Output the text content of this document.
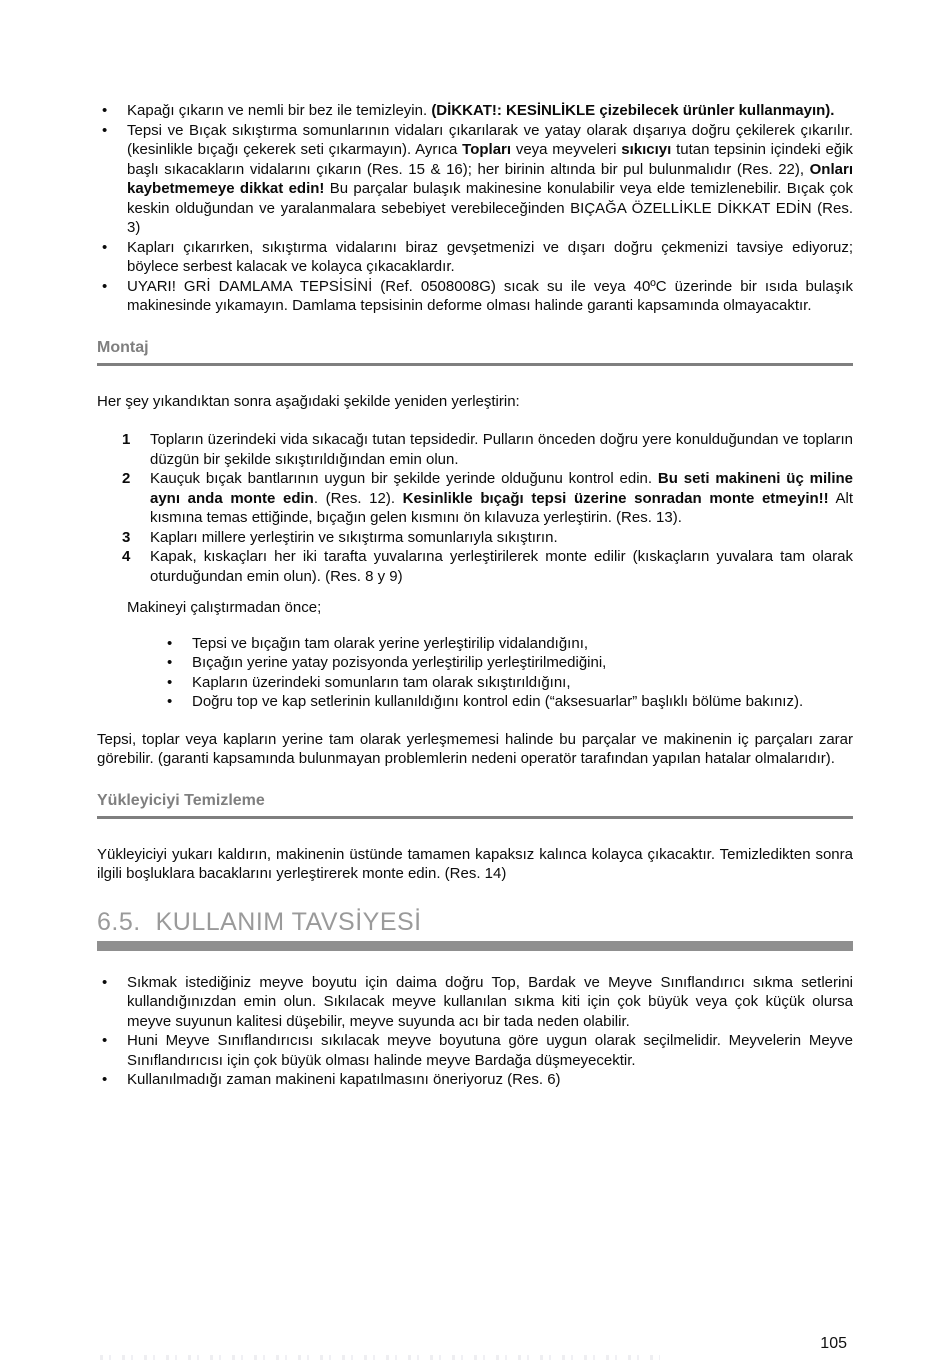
• Kapağı çıkarın ve nemli bir bez ile temizleyin. (DİKKAT!: KESİNLİKLE çizebilecek ürünler kullanmayın).
• Tepsi ve Bıçak sıkıştırma somunlarının vidaları çıkarılarak ve yatay olarak dışarıya doğru çekilerek çıkarılır. (kesinlikle bıçağı çekerek seti çıkarmayın). Ayrıca Topları veya meyveleri sıkıcıyı tutan tepsinin içindeki eğik başlı sıkacakların vidalarını çıkarın (Res. 15 & 16); her birinin altında bir pul bulunmalıdır (Res. 22), Onları kaybetmemeye dikkat edin! Bu parçalar bulaşık makinesine konulabilir veya elde temizlenebilir. Bıçak çok keskin olduğundan ve yaralanmalara sebebiyet verebileceğinden BIÇAĞA ÖZELLİKLE DİKKAT EDİN (Res. 3)
• Kapları çıkarırken, sıkıştırma vidalarını biraz gevşetmenizi ve dışarı doğru çekmenizi tavsiye ediyoruz; böylece serbest kalacak ve kolayca çıkacaklardır.
• UYARI! GRİ DAMLAMA TEPSİSİNİ (Ref. 0508008G) sıcak su ile veya 40ºC üzerinde bir ısıda bulaşık makinesinde yıkamayın. Damlama tepsisinin deforme olması halinde garanti kapsamında olmayacaktır.
Montaj

Her şey yıkandıktan sonra aşağıdaki şekilde yeniden yerleştirin:

1 Topların üzerindeki vida sıkacağı tutan tepsidedir. Pulların önceden doğru yere konulduğundan ve topların düzgün bir şekilde sıkıştırıldığından emin olun.
2 Kauçuk bıçak bantlarının uygun bir şekilde yerinde olduğunu kontrol edin. Bu seti makineni üç miline aynı anda monte edin. (Res. 12). Kesinlikle bıçağı tepsi üzerine sonradan monte etmeyin!! Alt kısmına temas ettiğinde, bıçağın gelen kısmını ön kılavuza yerleştirin. (Res. 13).
3 Kapları millere yerleştirin ve sıkıştırma somunlarıyla sıkıştırın.
4 Kapak, kıskaçları her iki tarafta yuvalarına yerleştirilerek monte edilir (kıskaçların yuvalara tam olarak oturduğundan emin olun). (Res. 8 y 9)

Makineyi çalıştırmadan önce;

• Tepsi ve bıçağın tam olarak yerine yerleştirilip vidalandığını,
• Bıçağın yerine yatay pozisyonda yerleştirilip yerleştirilmediğini,
• Kapların üzerindeki somunların tam olarak sıkıştırıldığını,
• Doğru top ve kap setlerinin kullanıldığını kontrol edin (“aksesuarlar” başlıklı bölüme bakınız).

Tepsi, toplar veya kapların yerine tam olarak yerleşmemesi halinde bu parçalar ve makinenin iç parçaları zarar görebilir. (garanti kapsamında bulunmayan problemlerin nedeni operatör tarafından yapılan hatalar olmalarıdır).

Yükleyiciyi Temizleme

Yükleyiciyi yukarı kaldırın, makinenin üstünde tamamen kapaksız kalınca kolayca çıkacaktır. Temizledikten sonra ilgili boşluklara bacaklarını yerleştirerek monte edin. (Res. 14)

6.5.  KULLANIM TAVSİYESİ
• Sıkmak istediğiniz meyve boyutu için daima doğru Top, Bardak ve Meyve Sınıflandırıcı sıkma setlerini kullandığınızdan emin olun. Sıkılacak meyve kullanılan sıkma kiti için çok büyük veya çok küçük olursa meyve suyunun kalitesi düşebilir, meyve suyunda acı bir tada neden olabilir.
• Huni Meyve Sınıflandırıcısı sıkılacak meyve boyutuna göre uygun olarak seçilmelidir. Meyvelerin Meyve Sınıflandırıcısı için çok büyük olması halinde meyve Bardağa düşmeyecektir.
• Kullanılmadığı zaman makineni kapatılmasını öneriyoruz (Res. 6)
105
